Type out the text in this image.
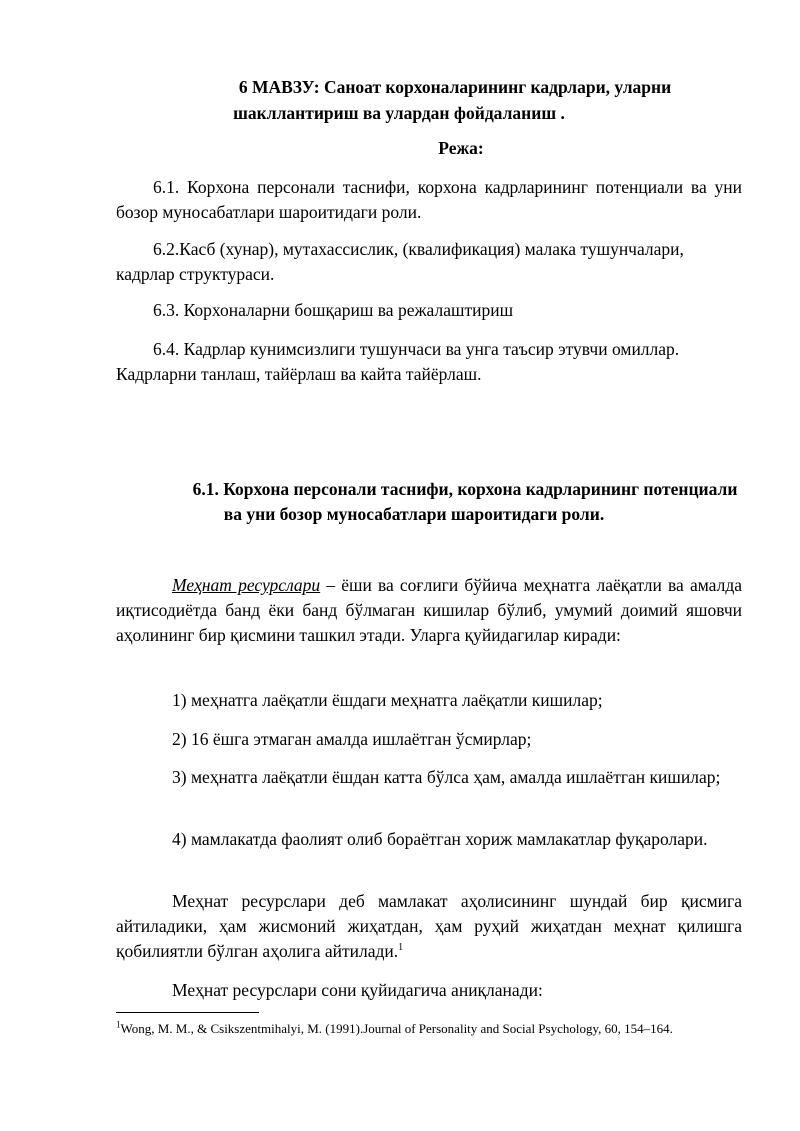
6 МАВЗУ: Саноат корхоналарининг кадрлари, уларни
шакллантириш ва улардан фойдаланиш .

Режа:

6.1. Корхона персонали таснифи, корхона кадрларининг потенциали ва уни бозор муносабатлари шароитидаги роли.

6.2.Касб (хунар), мутахассислик, (квалификация) малака тушунчалари, кадрлар структураси.

6.3. Корхоналарни бошқариш ва режалаштириш

6.4. Кадрлар кунимсизлиги тушунчаси ва унга таъсир этувчи омиллар. Кадрларни танлаш, тайёрлаш ва кайта тайёрлаш.

6.1. Корхона персонали таснифи, корхона кадрларининг потенциали
ва уни бозор муносабатлари шароитидаги роли.

Меҳнат ресурслари – ёши ва соғлиги бўйича меҳнатга лаёқатли ва амалда иқтисодиётда банд ёки банд бўлмаган кишилар бўлиб, умумий доимий яшовчи аҳолининг бир қисмини ташкил этади. Уларга қуйидагилар киради:

1) меҳнатга лаёқатли ёшдаги меҳнатга лаёқатли кишилар;

2) 16 ёшга этмаган амалда ишлаётган ўсмирлар;

3) меҳнатга лаёқатли ёшдан катта бўлса ҳам, амалда ишлаётган кишилар;

4) мамлакатда фаолият олиб бораётган хориж мамлакатлар фуқаролари.

Меҳнат ресурслари деб мамлакат аҳолисининг шундай бир қисмига айтиладики, ҳам жисмоний жиҳатдан, ҳам руҳий жиҳатдан меҳнат қилишга қобилиятли бўлган аҳолига айтилади.$^1$

Меҳнат ресурслари сони қуйидагича аниқланади:

$^1$Wong, M. M., & Csikszentmihalyi, M. (1991).Journal of Personality and Social Psychology, 60, 154–164.
